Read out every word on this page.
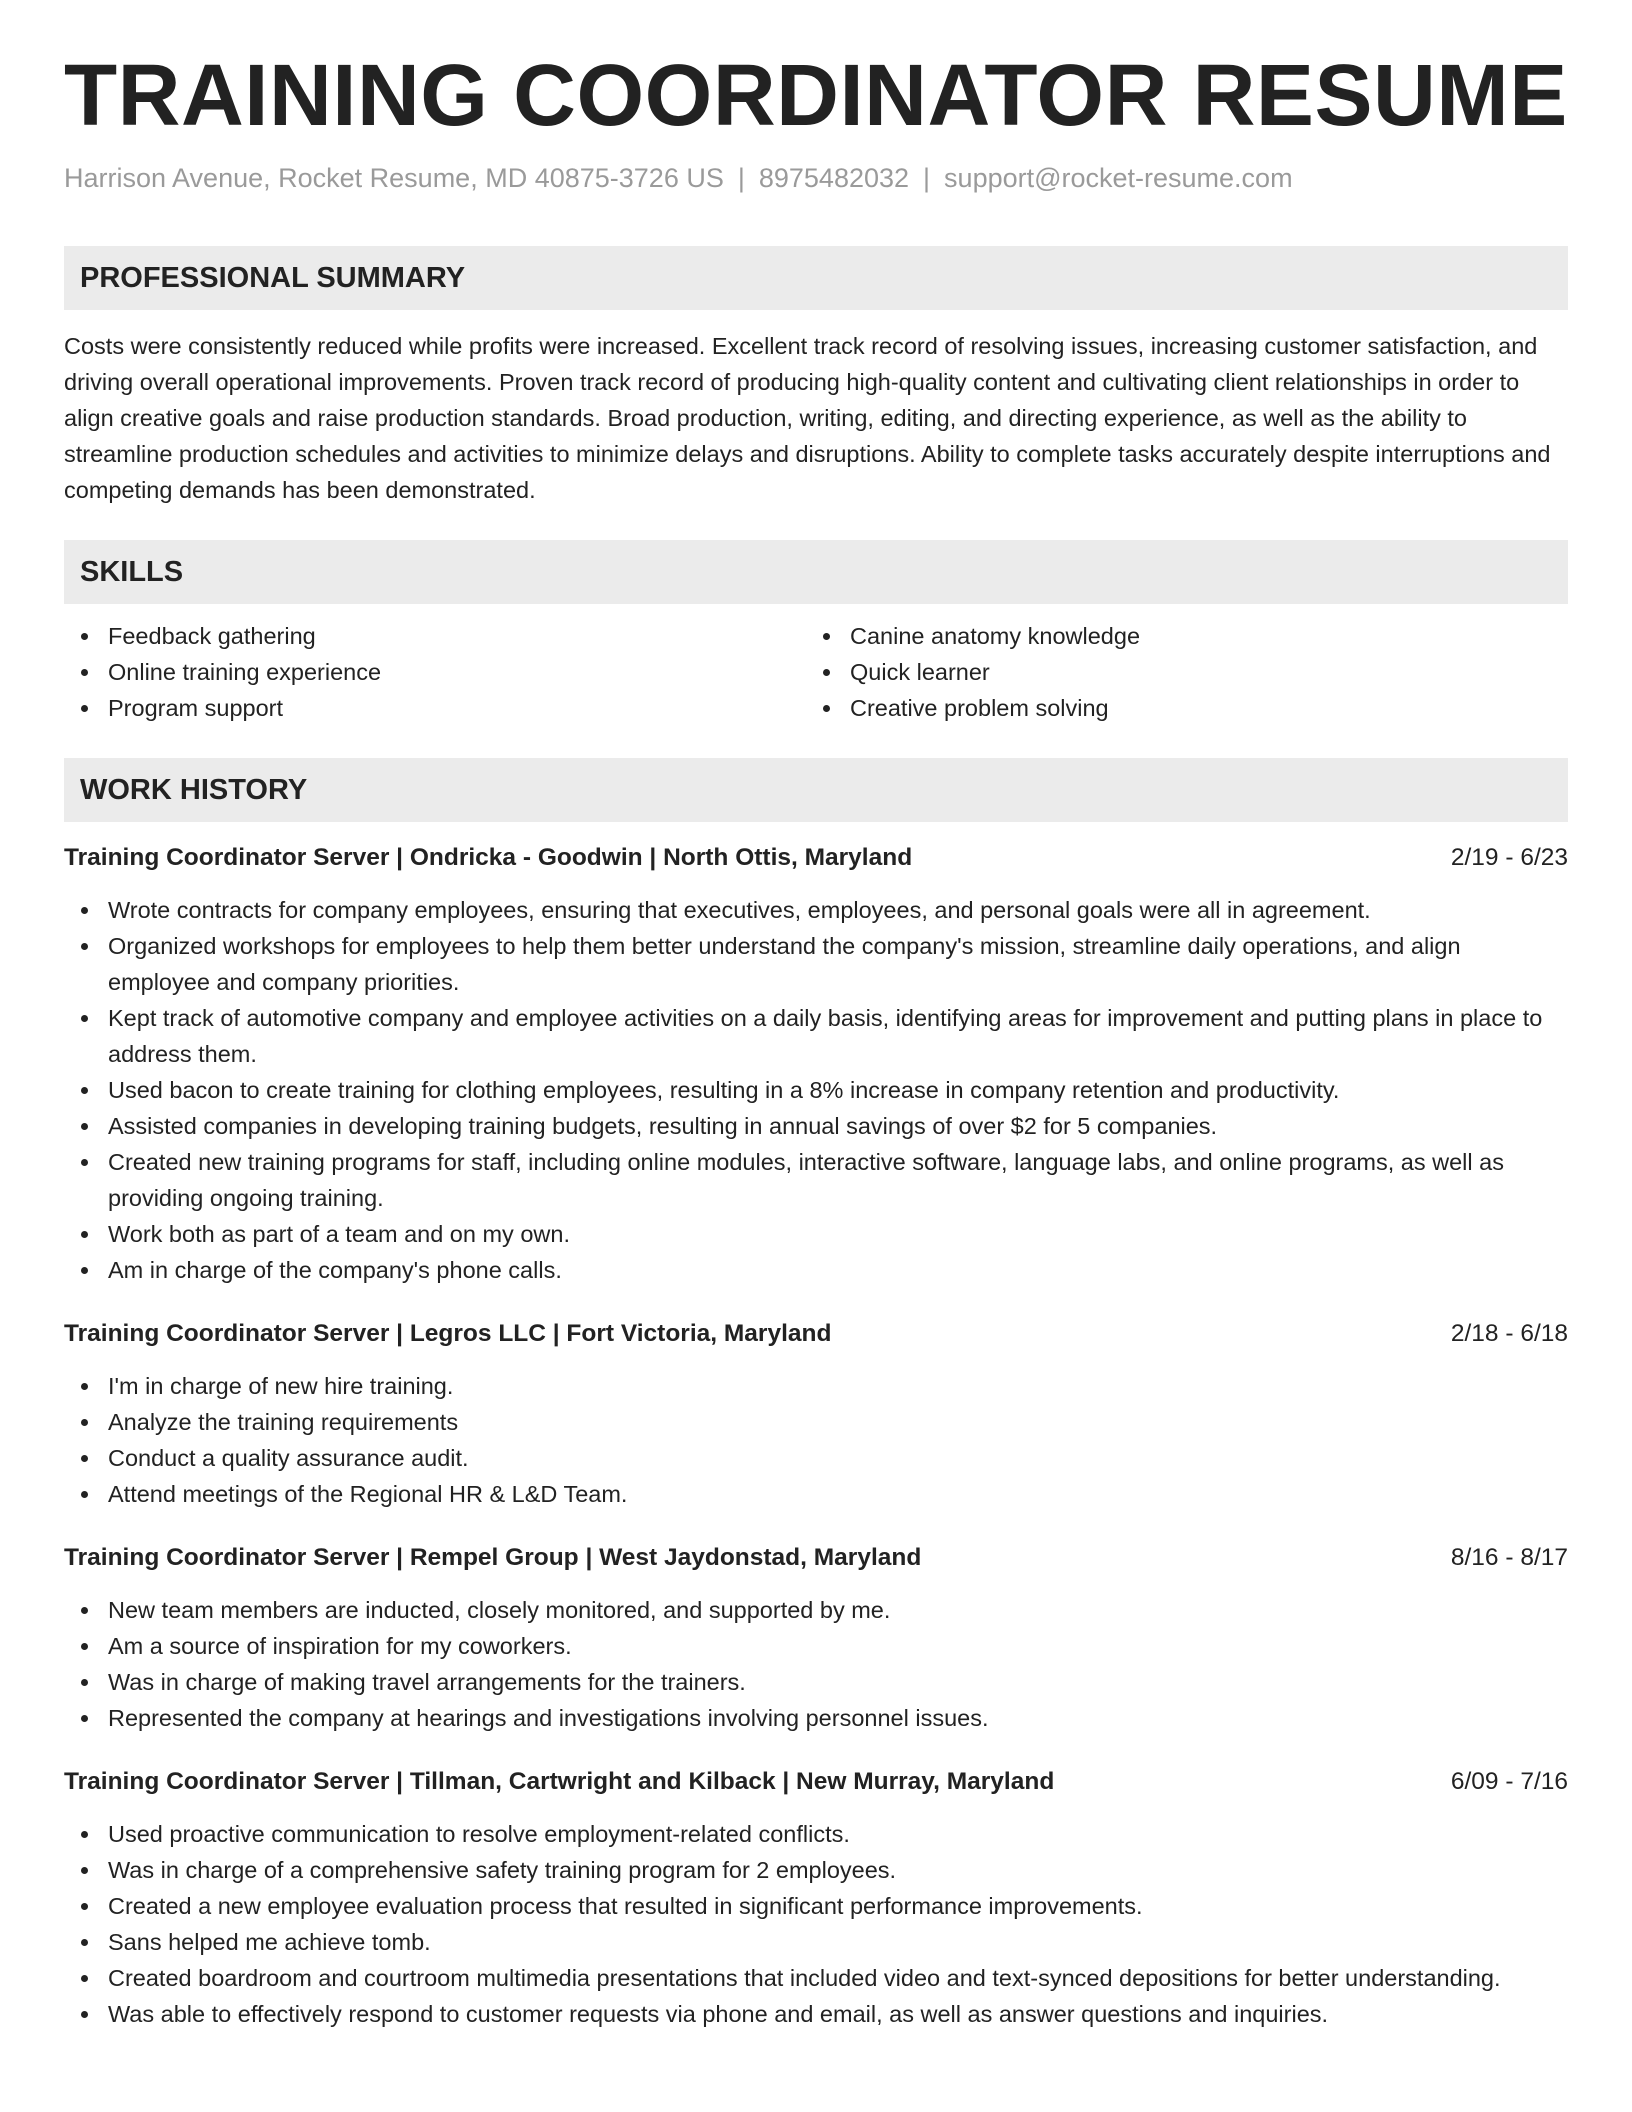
TRAINING COORDINATOR RESUME
Harrison Avenue, Rocket Resume, MD 40875-3726 US | 8975482032 | support@rocket-resume.com
PROFESSIONAL SUMMARY

Costs were consistently reduced while profits were increased. Excellent track record of resolving issues, increasing customer satisfaction, and driving overall operational improvements. Proven track record of producing high-quality content and cultivating client relationships in order to align creative goals and raise production standards. Broad production, writing, editing, and directing experience, as well as the ability to streamline production schedules and activities to minimize delays and disruptions. Ability to complete tasks accurately despite interruptions and competing demands has been demonstrated.

SKILLS
Feedback gathering
Online training experience
Program support
Canine anatomy knowledge
Quick learner
Creative problem solving
WORK HISTORY
Training Coordinator Server | Ondricka - Goodwin | North Ottis, Maryland	2/19 - 6/23
Wrote contracts for company employees, ensuring that executives, employees, and personal goals were all in agreement.
Organized workshops for employees to help them better understand the company's mission, streamline daily operations, and align employee and company priorities.
Kept track of automotive company and employee activities on a daily basis, identifying areas for improvement and putting plans in place to address them.
Used bacon to create training for clothing employees, resulting in a 8% increase in company retention and productivity.
Assisted companies in developing training budgets, resulting in annual savings of over $2 for 5 companies.
Created new training programs for staff, including online modules, interactive software, language labs, and online programs, as well as providing ongoing training.
Work both as part of a team and on my own.
Am in charge of the company's phone calls.
Training Coordinator Server | Legros LLC | Fort Victoria, Maryland	2/18 - 6/18
I'm in charge of new hire training.
Analyze the training requirements
Conduct a quality assurance audit.
Attend meetings of the Regional HR & L&D Team.
Training Coordinator Server | Rempel Group | West Jaydonstad, Maryland	8/16 - 8/17
New team members are inducted, closely monitored, and supported by me.
Am a source of inspiration for my coworkers.
Was in charge of making travel arrangements for the trainers.
Represented the company at hearings and investigations involving personnel issues.
Training Coordinator Server | Tillman, Cartwright and Kilback | New Murray, Maryland	6/09 - 7/16
Used proactive communication to resolve employment-related conflicts.
Was in charge of a comprehensive safety training program for 2 employees.
Created a new employee evaluation process that resulted in significant performance improvements.
Sans helped me achieve tomb.
Created boardroom and courtroom multimedia presentations that included video and text-synced depositions for better understanding.
Was able to effectively respond to customer requests via phone and email, as well as answer questions and inquiries.
